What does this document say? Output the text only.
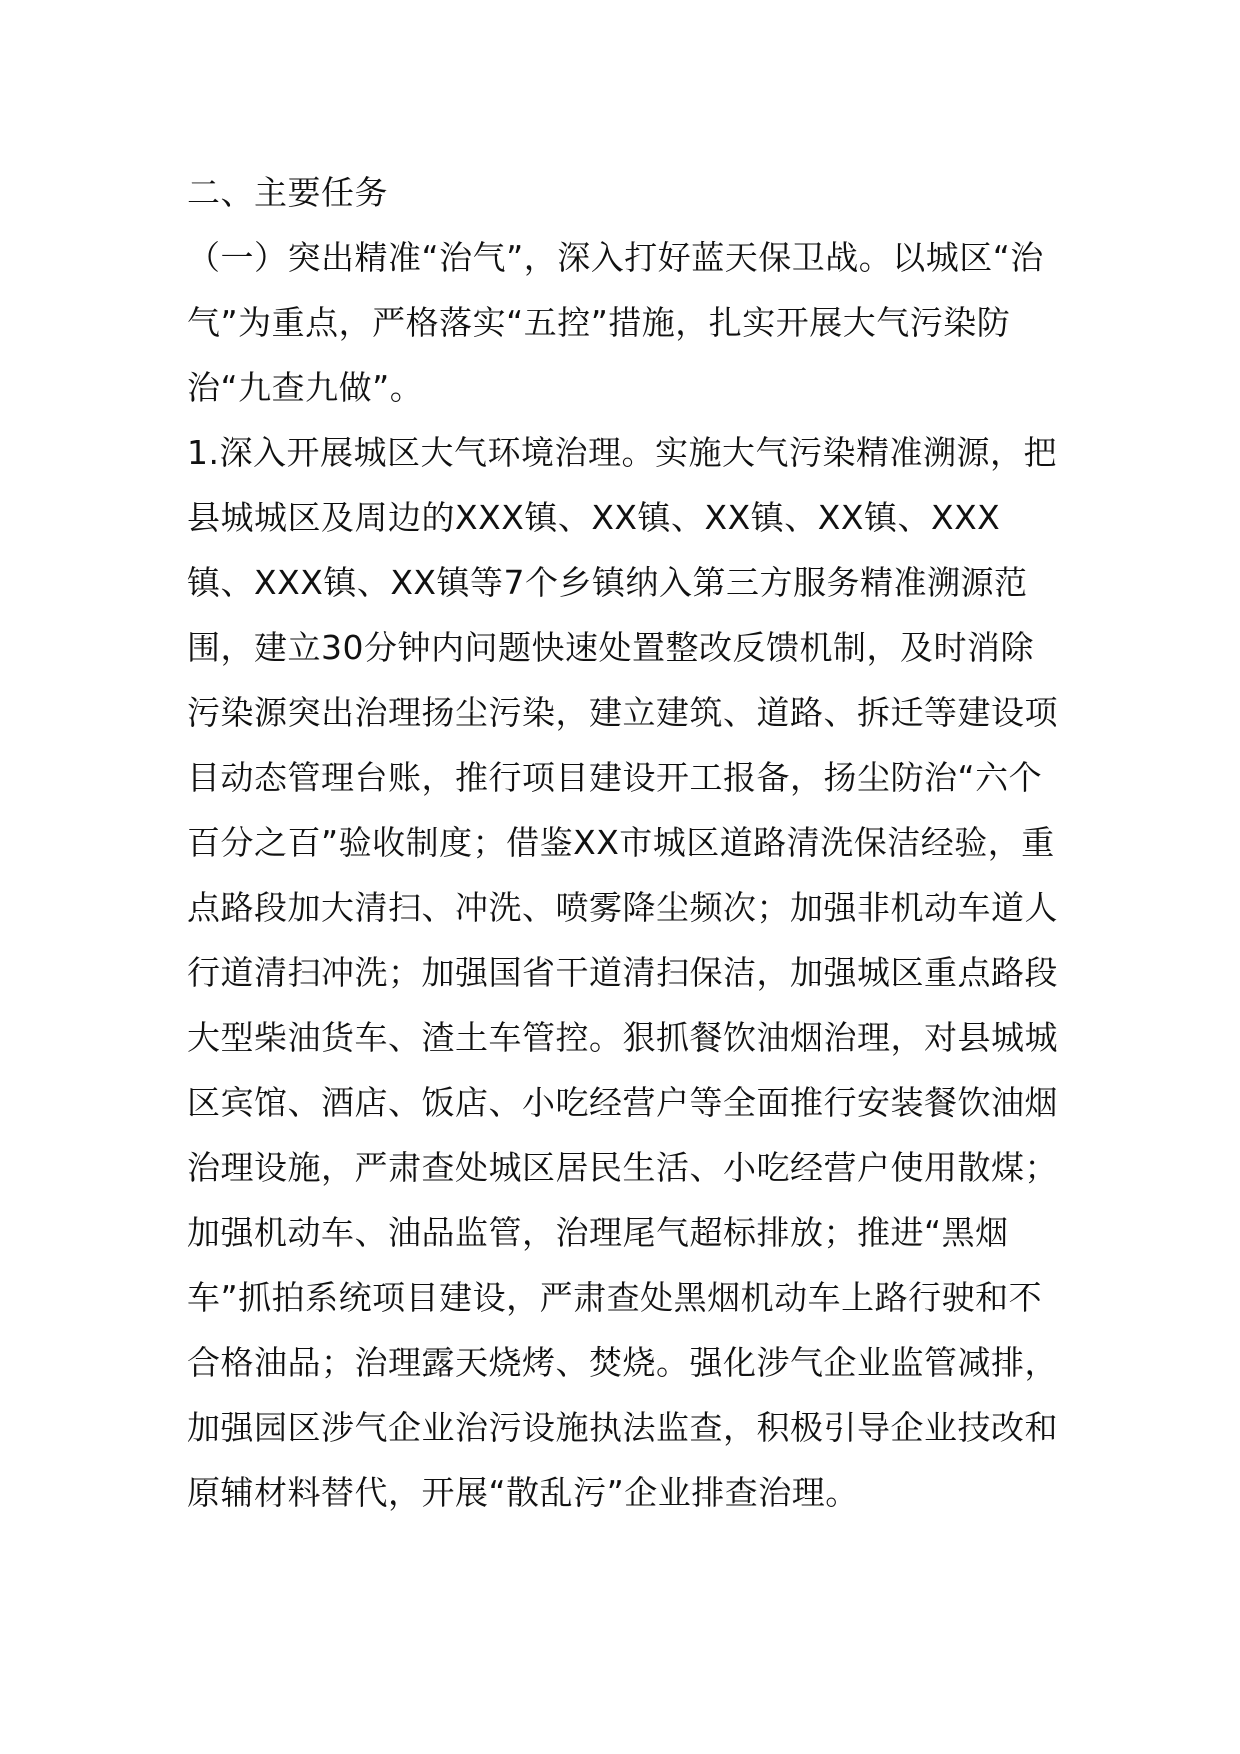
二、主要任务

（一）突出精准“治气”，深入打好蓝天保卫战。以城区“治气”为重点，严格落实“五控”措施，扎实开展大气污染防治“九查九做”。

1.深入开展城区大气环境治理。实施大气污染精准溯源，把县城城区及周边的XXX镇、XX镇、XX镇、XX镇、XXX镇、XXX镇、XX镇等7个乡镇纳入第三方服务精准溯源范围，建立30分钟内问题快速处置整改反馈机制，及时消除污染源突出治理扬尘污染，建立建筑、道路、拆迁等建设项目动态管理台账，推行项目建设开工报备，扬尘防治“六个百分之百”验收制度；借鉴XX市城区道路清洗保洁经验，重点路段加大清扫、冲洗、喷雾降尘频次；加强非机动车道人行道清扫冲洗；加强国省干道清扫保洁，加强城区重点路段大型柴油货车、渣土车管控。狠抓餐饮油烟治理，对县城城区宾馆、酒店、饭店、小吃经营户等全面推行安装餐饮油烟治理设施，严肃查处城区居民生活、小吃经营户使用散煤；加强机动车、油品监管，治理尾气超标排放；推进“黑烟车”抓拍系统项目建设，严肃查处黑烟机动车上路行驶和不合格油品；治理露天烧烤、焚烧。强化涉气企业监管减排，加强园区涉气企业治污设施执法监查，积极引导企业技改和原辅材料替代，开展“散乱污”企业排查治理。
